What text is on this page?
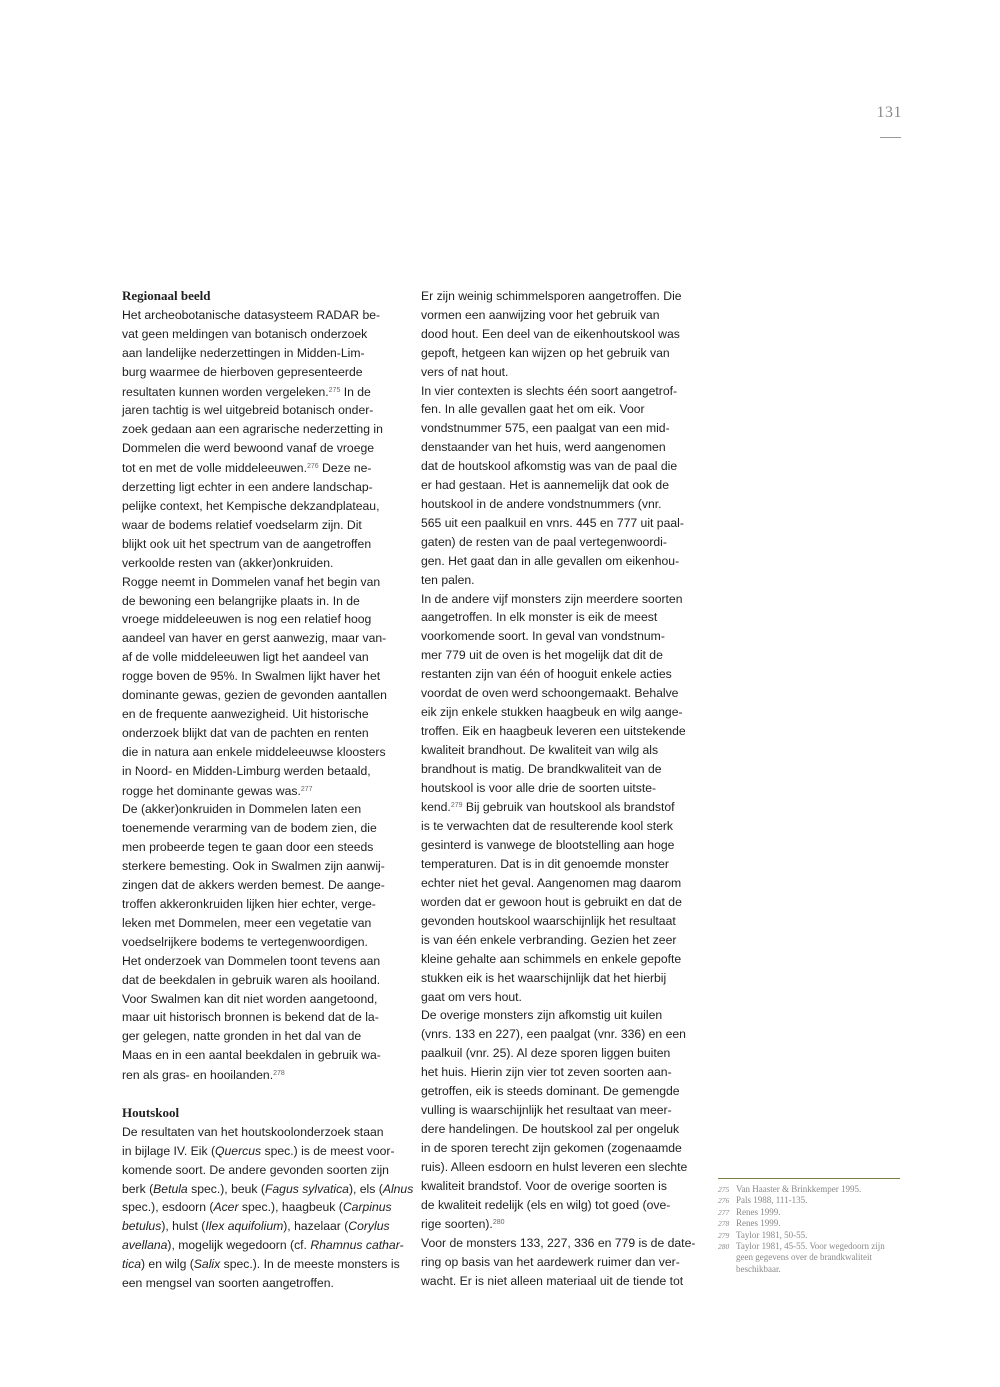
131
Regionaal beeld
Het archeobotanische datasysteem RADAR be-
vat geen meldingen van botanisch onderzoek
aan landelijke nederzettingen in Midden-Lim-
burg waarmee de hierboven gepresenteerde
resultaten kunnen worden vergeleken.$^{275}$ In de
jaren tachtig is wel uitgebreid botanisch onder-
zoek gedaan aan een agrarische nederzetting in
Dommelen die werd bewoond vanaf de vroege
tot en met de volle middeleeuwen.$^{276}$ Deze ne-
derzetting ligt echter in een andere landschap-
pelijke context, het Kempische dekzandplateau,
waar de bodems relatief voedselarm zijn. Dit
blijkt ook uit het spectrum van de aangetroffen
verkoolde resten van (akker)onkruiden.
Rogge neemt in Dommelen vanaf het begin van
de bewoning een belangrijke plaats in. In de
vroege middeleeuwen is nog een relatief hoog
aandeel van haver en gerst aanwezig, maar van-
af de volle middeleeuwen ligt het aandeel van
rogge boven de 95%. In Swalmen lijkt haver het
dominante gewas, gezien de gevonden aantallen
en de frequente aanwezigheid. Uit historische
onderzoek blijkt dat van de pachten en renten
die in natura aan enkele middeleeuwse kloosters
in Noord- en Midden-Limburg werden betaald,
rogge het dominante gewas was.$^{277}$
De (akker)onkruiden in Dommelen laten een
toenemende verarming van de bodem zien, die
men probeerde tegen te gaan door een steeds
sterkere bemesting. Ook in Swalmen zijn aanwij-
zingen dat de akkers werden bemest. De aange-
troffen akkeronkruiden lijken hier echter, verge-
leken met Dommelen, meer een vegetatie van
voedselrijkere bodems te vertegenwoordigen.
Het onderzoek van Dommelen toont tevens aan
dat de beekdalen in gebruik waren als hooiland.
Voor Swalmen kan dit niet worden aangetoond,
maar uit historisch bronnen is bekend dat de la-
ger gelegen, natte gronden in het dal van de
Maas en in een aantal beekdalen in gebruik wa-
ren als gras- en hooilanden.$^{278}$
Houtskool
De resultaten van het houtskoolonderzoek staan
in bijlage IV. Eik (Quercus spec.) is de meest voor-
komende soort. De andere gevonden soorten zijn
berk (Betula spec.), beuk (Fagus sylvatica), els (Alnus
spec.), esdoorn (Acer spec.), haagbeuk (Carpinus
betulus), hulst (Ilex aquifolium), hazelaar (Corylus
avellana), mogelijk wegedoorn (cf. Rhamnus cathar-
tica) en wilg (Salix spec.). In de meeste monsters is
een mengsel van soorten aangetroffen.
Er zijn weinig schimmelsporen aangetroffen. Die
vormen een aanwijzing voor het gebruik van
dood hout. Een deel van de eikenhoutskool was
gepoft, hetgeen kan wijzen op het gebruik van
vers of nat hout.
In vier contexten is slechts één soort aangetrof-
fen. In alle gevallen gaat het om eik. Voor
vondstnummer 575, een paalgat van een mid-
denstaander van het huis, werd aangenomen
dat de houtskool afkomstig was van de paal die
er had gestaan. Het is aannemelijk dat ook de
houtskool in de andere vondstnummers (vnr.
565 uit een paalkuil en vnrs. 445 en 777 uit paal-
gaten) de resten van de paal vertegenwoordi-
gen. Het gaat dan in alle gevallen om eikenhou-
ten palen.
In de andere vijf monsters zijn meerdere soorten
aangetroffen. In elk monster is eik de meest
voorkomende soort. In geval van vondstnum-
mer 779 uit de oven is het mogelijk dat dit de
restanten zijn van één of hooguit enkele acties
voordat de oven werd schoongemaakt. Behalve
eik zijn enkele stukken haagbeuk en wilg aange-
troffen. Eik en haagbeuk leveren een uitstekende
kwaliteit brandhout. De kwaliteit van wilg als
brandhout is matig. De brandkwaliteit van de
houtskool is voor alle drie de soorten uitste-
kend.$^{279}$ Bij gebruik van houtskool als brandstof
is te verwachten dat de resulterende kool sterk
gesinterd is vanwege de blootstelling aan hoge
temperaturen. Dat is in dit genoemde monster
echter niet het geval. Aangenomen mag daarom
worden dat er gewoon hout is gebruikt en dat de
gevonden houtskool waarschijnlijk het resultaat
is van één enkele verbranding. Gezien het zeer
kleine gehalte aan schimmels en enkele gepofte
stukken eik is het waarschijnlijk dat het hierbij
gaat om vers hout.
De overige monsters zijn afkomstig uit kuilen
(vnrs. 133 en 227), een paalgat (vnr. 336) en een
paalkuil (vnr. 25). Al deze sporen liggen buiten
het huis. Hierin zijn vier tot zeven soorten aan-
getroffen, eik is steeds dominant. De gemengde
vulling is waarschijnlijk het resultaat van meer-
dere handelingen. De houtskool zal per ongeluk
in de sporen terecht zijn gekomen (zogenaamde
ruis). Alleen esdoorn en hulst leveren een slechte
kwaliteit brandstof. Voor de overige soorten is
de kwaliteit redelijk (els en wilg) tot goed (ove-
rige soorten).$^{280}$
Voor de monsters 133, 227, 336 en 779 is de date-
ring op basis van het aardewerk ruimer dan ver-
wacht. Er is niet alleen materiaal uit de tiende tot
275 Van Haaster & Brinkkemper 1995.
276 Pals 1988, 111-135.
277 Renes 1999.
278 Renes 1999.
279 Taylor 1981, 50-55.
280 Taylor 1981, 45-55. Voor wegedoorn zijn
geen gegevens over de brandkwaliteit
beschikbaar.
